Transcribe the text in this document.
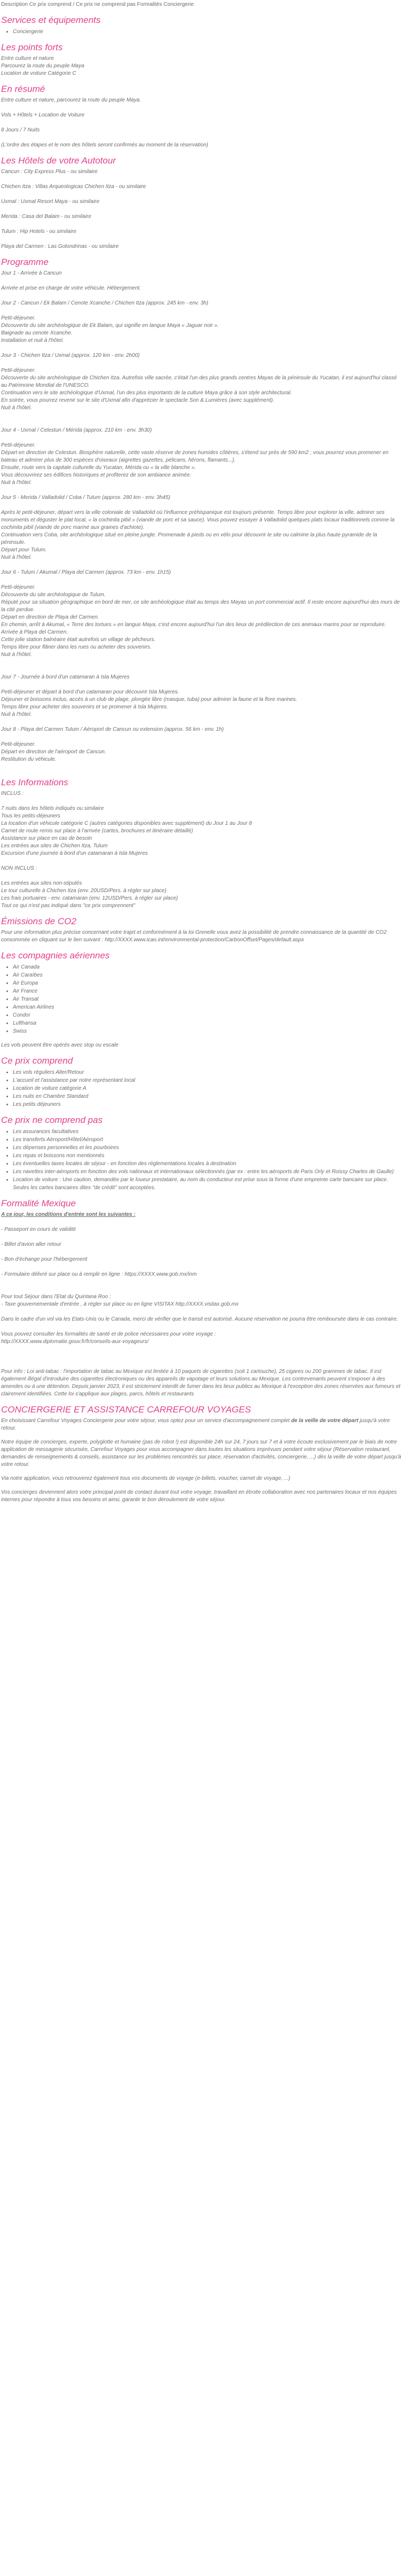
Description Ce prix comprend / Ce prix ne comprend pas Formalités Conciergerie
Services et équipements
• Conciergerie
Les points forts
Entre culture et nature
Parcourez la route du peuple Maya
Location de voiture Catégorie C
En résumé
Entre culture et nature, parcourez la route du peuple Maya.
Vols + Hôtels + Location de Voiture
8 Jours / 7 Nuits
(L'ordre des étapes et le nom des hôtels seront confirmés au moment de la réservation)
Les Hôtels de votre Autotour
Cancun : City Express Plus - ou similaire
Chichen Itza : Villas Arqueologicas Chichen Itza - ou similaire
Uxmal : Uxmal Resort Maya - ou similaire
Merida : Casa del Balam - ou similaire
Tulum : Hip Hotels - ou similaire
Playa del Carmen : Las Golondrinas - ou similaire
Programme
Jour 1 - Arrivée à Cancun
Arrivée et prise en charge de votre véhicule. Hébergement.
Jour 2 - Cancun / Ek Balam / Cenote Xcanche / Chichen Itza (approx. 245 km - env. 3h)
Petit-déjeuner.
Découverte du site archéologique de Ek Balam, qui signifie en langue Maya « Jaguar noir ».
Baignade au cenote Xcanche.
Installation et nuit à l'hôtel.
Jour 3 - Chichen Itza / Uxmal (approx. 120 km - env. 2h00)
Petit-déjeuner.
Découverte du site archéologique de Chichen Itza. Autrefois ville sacrée, c'était l'un des plus grands centres Mayas de la péninsule du Yucatan, il est aujourd'hui classé au Patrimoine Mondial de l'UNESCO.
Continuation vers le site archéologique d'Uxmal, l'un des plus importants de la culture Maya grâce à son style architectural.
En soirée, vous pourrez revenir sur le site d'Uxmal afin d'apprécier le spectacle Son & Lumières (avec supplément).
Nuit à l'hôtel.
Jour 4 - Uxmal / Celestun / Mérida (approx. 210 km - env. 3h30)
Petit-déjeuner.
Départ en direction de Celestun. Biosphère naturelle, cette vaste réserve de zones humides côtières, s'étend sur près de 590 km2 ; vous pourrez vous promener en bateau et admirer plus de 300 espèces d'oiseaux (aigrettes gazettes, pélicans, hérons, flamants...).
Ensuite, route vers la capitale culturelle du Yucatan, Mérida ou « la ville blanche ».
Vous découvrirez ses édifices historiques et profiterez de son ambiance animée.
Nuit à l'hôtel.
Jour 5 - Merida / Valladolid / Coba / Tulum (approx. 280 km - env. 3h45)
Après le petit-déjeuner, départ vers la ville coloniale de Valladolid où l'influence préhispanique est toujours présente. Temps libre pour explorer la ville, admirer ses monuments et déguster le plat local, « la cochinita pibil » (viande de porc et sa sauce). Vous pouvez essayer à Valladolid quelques plats locaux traditionnels comme la cochinita pibil (viande de porc mariné aux graines d'achiote).
Continuation vers Coba, site archéologique situé en pleine jungle. Promenade à pieds ou en vélo pour découvrir le site ou calmine la plus haute pyramide de la péninsule.
Départ pour Tulum.
Nuit à l'hôtel.
Jour 6 - Tulum / Akumal / Playa del Carmen (approx. 73 km - env. 1h15)
Petit-déjeuner.
Découverte du site archéologique de Tulum.
Réputé pour sa situation géographique en bord de mer, ce site archéologique était au temps des Mayas un port commercial actif. Il reste encore aujourd'hui des murs de la cité perdue.
Départ en direction de Playa del Carmen.
En chemin, arrêt à Akumal, « Terre des tortues » en langue Maya, c'est encore aujourd'hui l'un des lieux de prédilection de ces animaux marins pour se reproduire.
Arrivée à Playa del Carmen.
Cette jolie station balnéaire était autrefois un village de pêcheurs.
Temps libre pour flâner dans les rues ou acheter des souvenirs.
Nuit à l'hôtel.
Jour 7 - Journée à bord d'un catamaran à Isla Mujeres
Petit-déjeuner et départ à bord d'un catamaran pour découvrir Isla Mujeres.
Déjeuner et boissons inclus, accès à un club de plage, plongée libre (masque, tuba) pour admirer la faune et la flore marines.
Temps libre pour acheter des souvenirs et se promener à Isla Mujeres.
Nuit à l'hôtel.
Jour 8 - Playa del Carmen Tulum / Aéroport de Cancun ou extension (approx. 56 km - env. 1h)
Petit-déjeuner.
Départ en direction de l'aéroport de Cancun.
Restitution du véhicule.
Les Informations
INCLUS :
7 nuits dans les hôtels indiqués ou similaire
Tous les petits-déjeuners
La location d'un véhicule catégorie C (autres catégories disponibles avec supplément) du Jour 1 au Jour 8
Carnet de route remis sur place à l'arrivée (cartes, brochures et itinéraire détaillé)
Assistance sur place en cas de besoin
Les entrées aux sites de Chichen Itza, Tulum
Excursion d'une journée à bord d'un catamaran à Isla Mujeres
NON INCLUS :
Les entrées aux sites non-stipulés
Le tour culturelle à Chichen Itza (env. 20USD/Pers. à régler sur place)
Les frais portuaires - env. catamaran (env. 12USD/Pers. à régler sur place)
Tout ce qui n'est pas indiqué dans "ce prix comprennent"
Émissions de CO2

Pour une information plus précise concernant votre trajet et conformément à la loi Grenelle vous avez la possibilité de prendre connaissance de la quantité de CO2 consommée en cliquant sur le lien suivant : http://XXXX.www.icao.int/environmental-protection/CarbonOffset/Pages/default.aspx

Les compagnies aériennes
• Air Canada
• Air Caraïbes
• Air Europa
• Air France
• Air Transat
• American Airlines
• Condor
• Lufthansa
• Swiss

Les vols peuvent être opérés avec stop ou escale

Ce prix comprend
• Les vols réguliers Aller/Retour
• L'accueil et l'assistance par notre représentant local
• Location de voiture catégorie A
• Les nuits en Chambre Standard
• Les petits déjeuners
Ce prix ne comprend pas
• Les assurances facultatives
• Les transferts Aéroport/Hôtel/Aéroport
• Les dépenses personnelles et les pourboires
• Les repas et boissons non mentionnés
• Les éventuelles taxes locales de séjour - en fonction des réglementations locales à destination
• Les navettes inter-aéroports en fonction des vols nationaux et internationaux sélectionnés (par ex : entre les aéroports de Paris Orly et Roissy Charles de Gaulle)
• Location de voiture : Une caution, demandée par le loueur prestataire, au nom du conducteur est prise sous la forme d'une empreinte carte bancaire sur place. Seules les cartes bancaires dites "de crédit" sont acceptées.
Formalité Mexique
A ce jour, les conditions d'entrée sont les suivantes :
- Passeport en cours de validité
- Billet d'avion aller retour
- Bon d'échange pour l'hébergement
- Formulaire délivré sur place ou à remplir en ligne : https://XXXX.www.gob.mx/inm
Pour tout Séjour dans l'Etat du Quintana Roo :
- Taxe gouvernementale d'entrée , à régler sur place ou en ligne VISITAX http://XXXX.visitax.gob.mx
Dans le cadre d'un vol via les Etats-Unis ou le Canada, merci de vérifier que le transit est autorisé. Aucune réservation ne pourra être remboursée dans le cas contraire.
Vous pouvez consulter les formalités de santé et de police nécessaires pour votre voyage :
http://XXXX.www.diplomatie.gouv.fr/fr/conseils-aux-voyageurs/
Pour info : Loi anti-tabac : l'importation de tabac au Mexique est limitée à 10 paquets de cigarettes (soit 1 cartouche), 25 cigares ou 200 grammes de tabac. Il est également illégal d'introduire des cigarettes électroniques ou des appareils de vapotage et leurs solutions au Mexique. Les contrevenants peuvent s'exposer à des amendes ou à une détention. Depuis janvier 2023, il est strictement interdit de fumer dans les lieux publics au Mexique à l'exception des zones réservées aux fumeurs et clairement identifiées. Cette loi s'applique aux plages, parcs, hôtels et restaurants
CONCIERGERIE ET ASSISTANCE CARREFOUR VOYAGES

En choisissant Carrefour Voyages Conciergerie pour votre séjour, vous optez pour un service d'accompagnement complet de la veille de votre départ jusqu'à votre retour.

Notre équipe de concierges, experte, polyglotte et humaine (pas de robot !) est disponible 24h sur 24, 7 jours sur 7 et à votre écoute exclusivement par le biais de notre application de messagerie sécurisée, Carrefour Voyages pour vous accompagner dans toutes les situations imprévues pendant votre séjour (Réservation restaurant, demandes de renseignements & conseils, assistance sur les problèmes rencontrés sur place, réservation d'activités, conciergerie, ...) dès la veille de votre départ jusqu'à votre retour.

Via notre application, vous retrouverez également tous vos documents de voyage (e-billets, voucher, carnet de voyage, ...)

Vos concierges deviennent alors votre principal point de contact durant tout votre voyage, travaillant en étroite collaboration avec nos partenaires locaux et nos équipes internes pour répondre à tous vos besoins et ainsi, garantir le bon déroulement de votre séjour.
